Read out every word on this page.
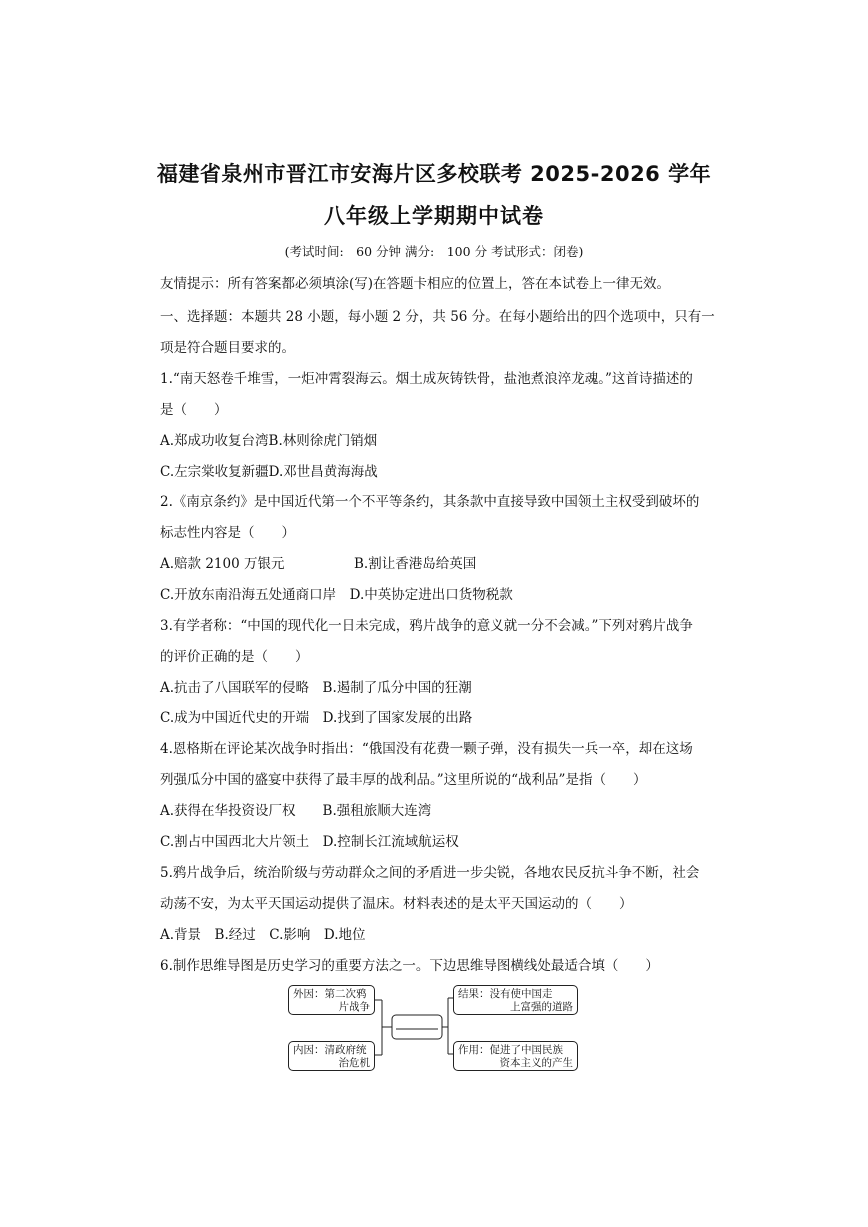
福建省泉州市晋江市安海片区多校联考 2025-2026 学年
八年级上学期期中试卷
(考试时间:　60 分钟 满分:　100 分 考试形式：闭卷)
友情提示：所有答案都必须填涂(写)在答题卡相应的位置上，答在本试卷上一律无效。
一、选择题：本题共 28 小题，每小题 2 分，共 56 分。在每小题给出的四个选项中，只有一
项是符合题目要求的。
1.“南天怒卷千堆雪，一炬冲霄裂海云。烟土成灰铸铁骨，盐池煮浪淬龙魂。”这首诗描述的
是（　　）
A.郑成功收复台湾B.林则徐虎门销烟
C.左宗棠收复新疆D.邓世昌黄海海战
2.《南京条约》是中国近代第一个不平等条约，其条款中直接导致中国领土主权受到破坏的
标志性内容是（　　）
A.赔款 2100 万银元	B.割让香港岛给英国
C.开放东南沿海五处通商口岸　D.中英协定进出口货物税款
3.有学者称：“中国的现代化一日未完成，鸦片战争的意义就一分不会减。”下列对鸦片战争
的评价正确的是（　　）
A.抗击了八国联军的侵略　B.遏制了瓜分中国的狂潮
C.成为中国近代史的开端　D.找到了国家发展的出路
4.恩格斯在评论某次战争时指出：“俄国没有花费一颗子弹，没有损失一兵一卒，却在这场
列强瓜分中国的盛宴中获得了最丰厚的战利品。”这里所说的“战利品”是指（　　）
A.获得在华投资设厂权　　B.强租旅顺大连湾
C.割占中国西北大片领土　D.控制长江流域航运权
5.鸦片战争后，统治阶级与劳动群众之间的矛盾进一步尖锐，各地农民反抗斗争不断，社会
动荡不安，为太平天国运动提供了温床。材料表述的是太平天国运动的（　　）
A.背景　B.经过　C.影响　D.地位
6.制作思维导图是历史学习的重要方法之一。下边思维导图横线处最适合填（　　）
外因：第二次鸦
片战争
内因：清政府统
治危机
结果：没有使中国走
上富强的道路
作用：促进了中国民族
资本主义的产生
